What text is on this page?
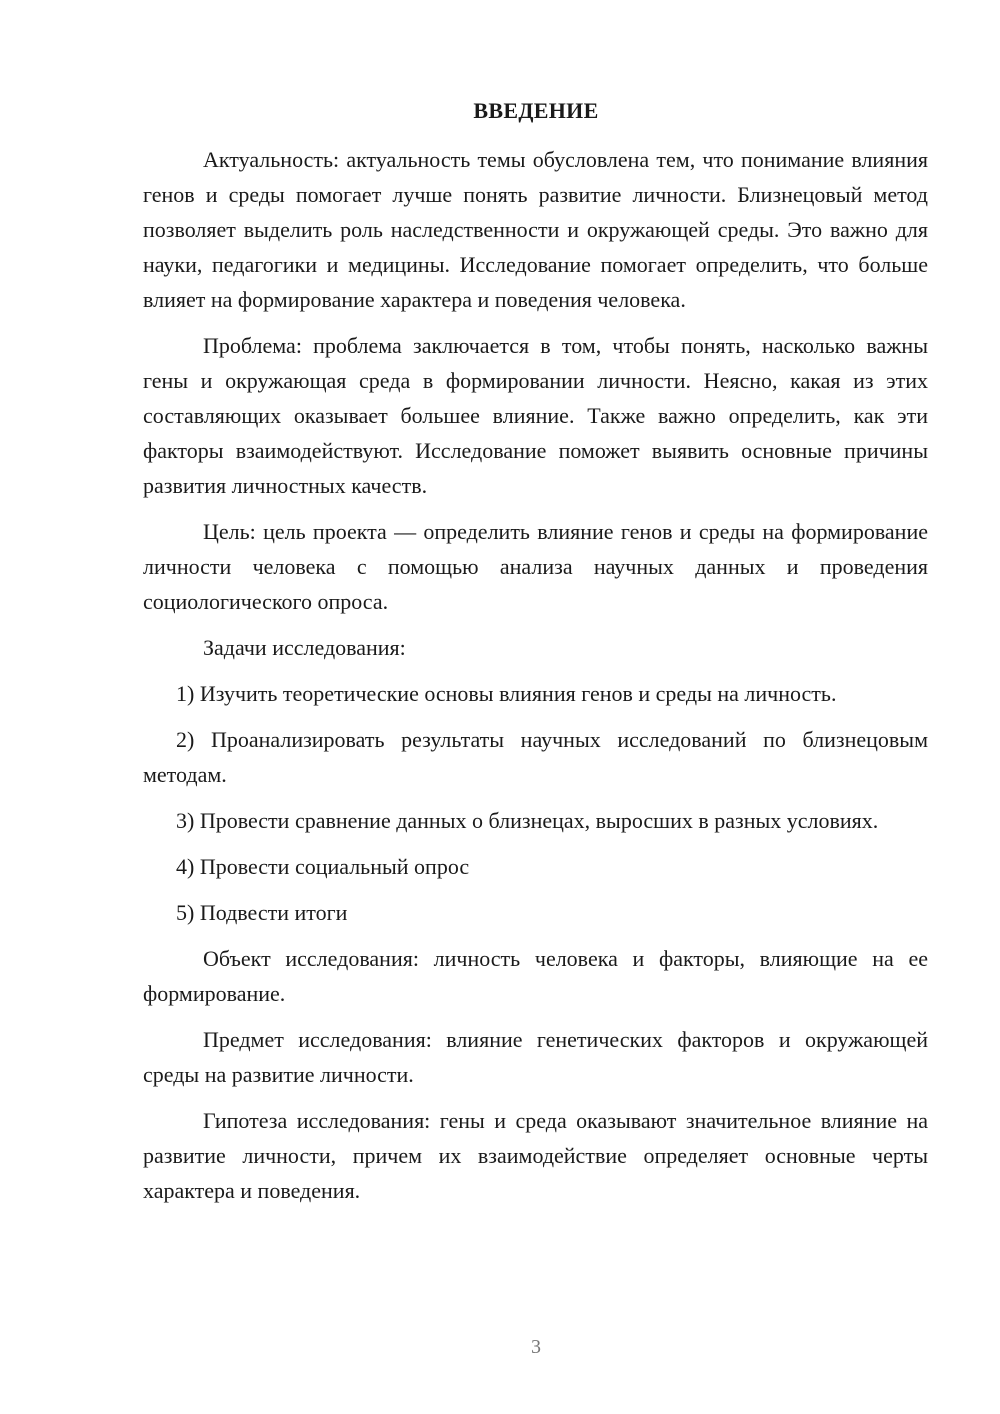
ВВЕДЕНИЕ

Актуальность: актуальность темы обусловлена тем, что понимание влияния генов и среды помогает лучше понять развитие личности. Близнецовый метод позволяет выделить роль наследственности и окружающей среды. Это важно для науки, педагогики и медицины. Исследование помогает определить, что больше влияет на формирование характера и поведения человека.

Проблема: проблема заключается в том, чтобы понять, насколько важны гены и окружающая среда в формировании личности. Неясно, какая из этих составляющих оказывает большее влияние. Также важно определить, как эти факторы взаимодействуют. Исследование поможет выявить основные причины развития личностных качеств.

Цель: цель проекта — определить влияние генов и среды на формирование личности человека с помощью анализа научных данных и проведения социологического опроса.

Задачи исследования:

1) Изучить теоретические основы влияния генов и среды на личность.

2) Проанализировать результаты научных исследований по близнецовым методам.

3) Провести сравнение данных о близнецах, выросших в разных условиях.

4) Провести социальный опрос

5) Подвести итоги

Объект исследования: личность человека и факторы, влияющие на ее формирование.

Предмет исследования: влияние генетических факторов и окружающей среды на развитие личности.

Гипотеза исследования: гены и среда оказывают значительное влияние на развитие личности, причем их взаимодействие определяет основные черты характера и поведения.

3
